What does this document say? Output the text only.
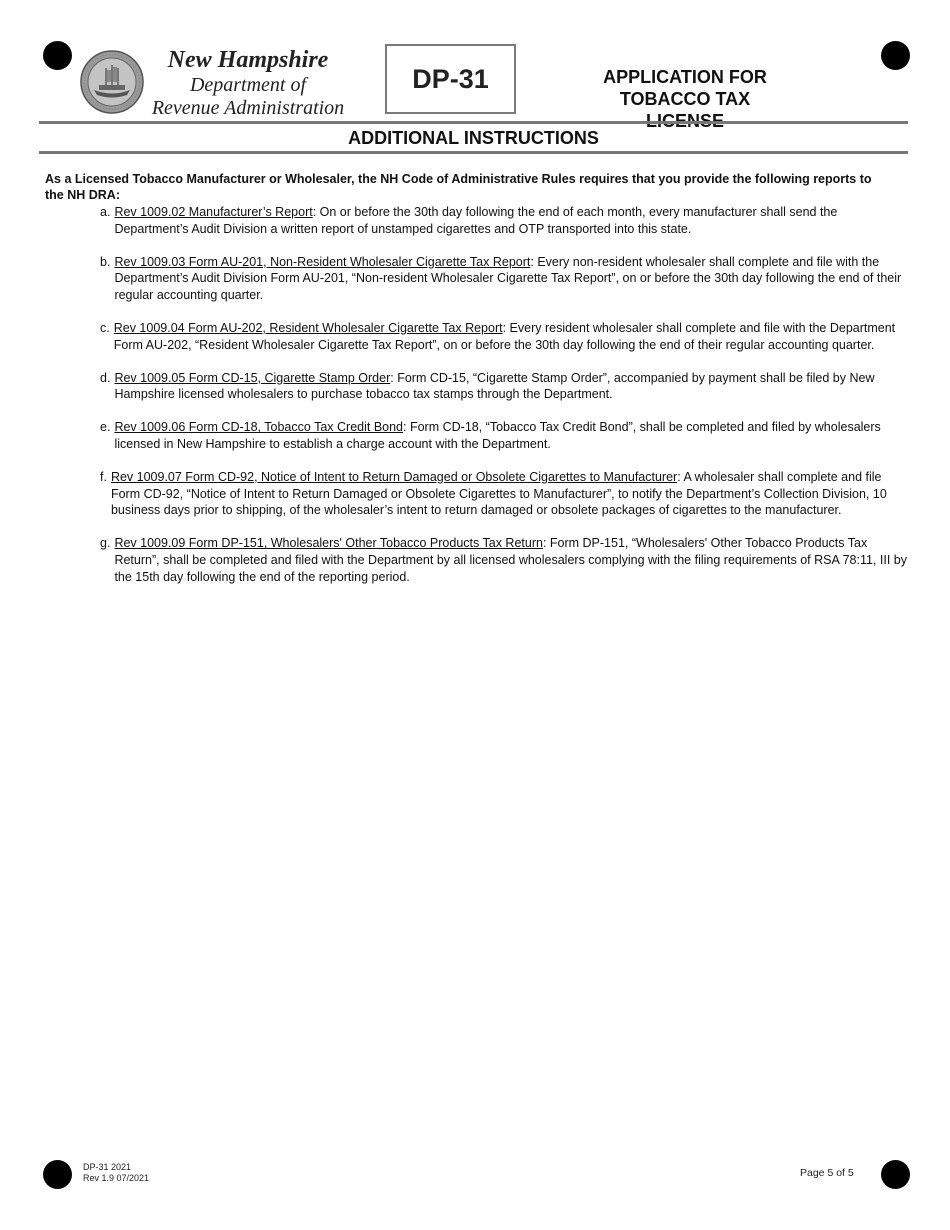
New Hampshire
Department of
Revenue Administration
DP-31	APPLICATION FOR
TOBACCO TAX
ADDITIONAL INSTRUCTIONS
As a Licensed Tobacco Manufacturer or Wholesaler, the NH Code of Administrative Rules requires that you provide the following reports to the NH DRA:
a. Rev 1009.02 Manufacturer’s Report: On or before the 30th day following the end of each month, every manufacturer shall send the Department’s Audit Division a written report of unstamped cigarettes and OTP transported into this state.
b. Rev 1009.03 Form AU-201, Non-Resident Wholesaler Cigarette Tax Report: Every non-resident wholesaler shall complete and file with the Department’s Audit Division Form AU-201, “Non-resident Wholesaler Cigarette Tax Report”, on or before the 30th day following the end of their regular accounting quarter.
c. Rev 1009.04 Form AU-202, Resident Wholesaler Cigarette Tax Report: Every resident wholesaler shall complete and file with the Department Form AU-202, “Resident Wholesaler Cigarette Tax Report”, on or before the 30th day following the end of their regular accounting quarter.
d. Rev 1009.05 Form CD-15, Cigarette Stamp Order: Form CD-15, “Cigarette Stamp Order”, accompanied by payment shall be filed by New Hampshire licensed wholesalers to purchase tobacco tax stamps through the Department.
e. Rev 1009.06 Form CD-18, Tobacco Tax Credit Bond: Form CD-18, “Tobacco Tax Credit Bond”, shall be completed and filed by wholesalers licensed in New Hampshire to establish a charge account with the Department.
f. Rev 1009.07 Form CD-92, Notice of Intent to Return Damaged or Obsolete Cigarettes to Manufacturer: A wholesaler shall complete and file Form CD-92, “Notice of Intent to Return Damaged or Obsolete Cigarettes to Manufacturer”, to notify the Department’s Collection Division, 10 business days prior to shipping, of the wholesaler’s intent to return damaged or obsolete packages of cigarettes to the manufacturer.
g. Rev 1009.09 Form DP-151, Wholesalers' Other Tobacco Products Tax Return: Form DP-151, “Wholesalers' Other Tobacco Products Tax Return”, shall be completed and filed with the Department by all licensed wholesalers complying with the filing requirements of RSA 78:11, III by the 15th day following the end of the reporting period.
DP-31 2021
Rev 1.9 07/2021	Page 5 of 5
